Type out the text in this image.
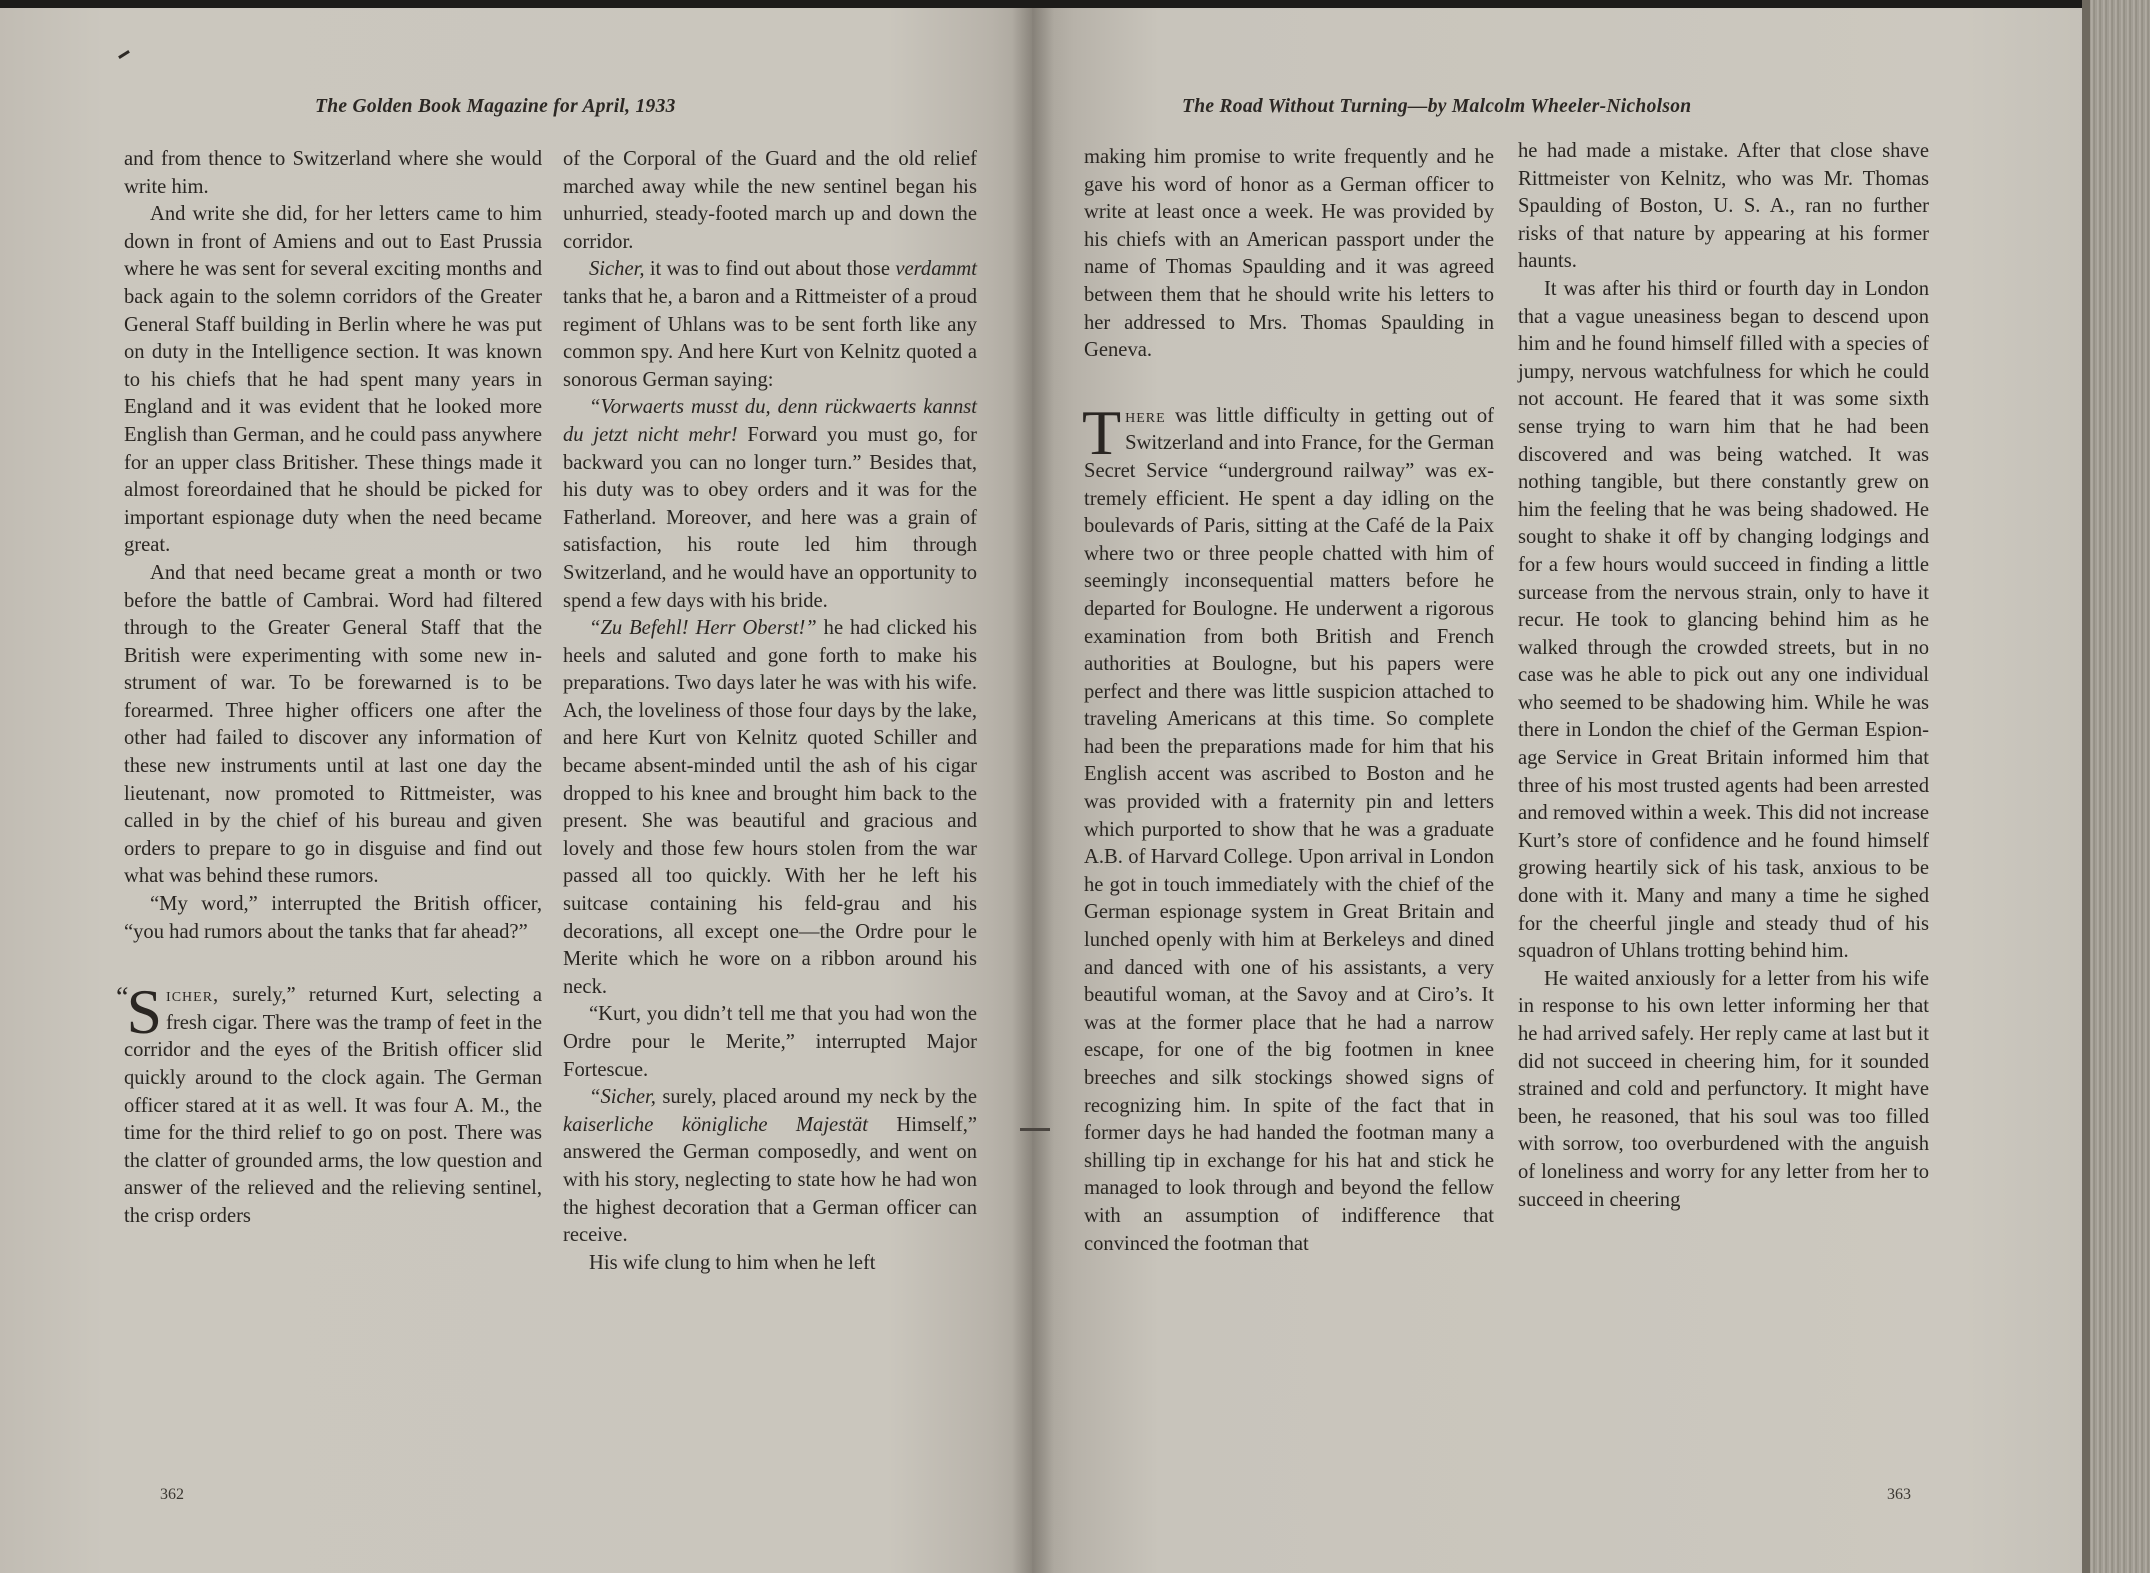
The Golden Book Magazine for April, 1933

and from thence to Switzerland where she would write him.

And write she did, for her letters came to him down in front of Amiens and out to East Prussia where he was sent for several exciting months and back again to the solemn corridors of the Greater General Staff building in Berlin where he was put on duty in the Intelligence section. It was known to his chiefs that he had spent many years in England and it was evident that he looked more English than German, and he could pass anywhere for an upper class Britisher. These things made it almost foreordained that he should be picked for important espionage duty when the need became great.

And that need became great a month or two before the battle of Cambrai. Word had filtered through to the Greater General Staff that the British were experimenting with some new instrument of war. To be forewarned is to be forearmed. Three higher officers one after the other had failed to discover any information of these new instruments until at last one day the lieutenant, now promoted to Rittmeister, was called in by the chief of his bureau and given orders to prepare to go in disguise and find out what was behind these rumors.

“My word,” interrupted the British officer, “you had rumors about the tanks that far ahead?”

“
S icher, surely,” returned Kurt, selecting a fresh cigar. There was the tramp of feet in the corridor and the eyes of the British officer slid quickly around to the clock again. The German officer stared at it as well. It was four A. M., the time for the third relief to go on post. There was the clatter of grounded arms, the low question and answer of the relieved and the relieving sentinel, the crisp orders

of the Corporal of the Guard and the old relief marched away while the new sentinel began his unhurried, steady-footed march up and down the corridor.

Sicher, it was to find out about those verdammt tanks that he, a baron and a Rittmeister of a proud regiment of Uhlans was to be sent forth like any common spy. And here Kurt von Kelnitz quoted a sonorous German saying:

“Vorwaerts musst du, denn rückwaerts kannst du jetzt nicht mehr! Forward you must go, for backward you can no longer turn.” Besides that, his duty was to obey orders and it was for the Fatherland. Moreover, and here was a grain of satisfaction, his route led him through Switzerland, and he would have an opportunity to spend a few days with his bride.

“Zu Befehl! Herr Oberst!” he had clicked his heels and saluted and gone forth to make his preparations. Two days later he was with his wife. Ach, the loveliness of those four days by the lake, and here Kurt von Kelnitz quoted Schiller and became absent-minded until the ash of his cigar dropped to his knee and brought him back to the present. She was beautiful and gracious and lovely and those few hours stolen from the war passed all too quickly. With her he left his suitcase containing his feld-grau and his decorations, all except one—the Ordre pour le Merite which he wore on a ribbon around his neck.

“Kurt, you didn’t tell me that you had won the Ordre pour le Merite,” interrupted Major Fortescue.

“Sicher, surely, placed around my neck by the kaiserliche königliche Majestät Himself,” answered the German composedly, and went on with his story, neglecting to state how he had won the highest decoration that a German officer can receive.

His wife clung to him when he left

362

The Road Without Turning—by Malcolm Wheeler-Nicholson

making him promise to write frequently and he gave his word of honor as a German officer to write at least once a week. He was provided by his chiefs with an American passport under the name of Thomas Spaulding and it was agreed between them that he should write his letters to her addressed to Mrs. Thomas Spaulding in Geneva.

There was little difficulty in getting out of Switzerland and into France, for the German Secret Service “underground railway” was extremely efficient. He spent a day idling on the boulevards of Paris, sitting at the Café de la Paix where two or three people chatted with him of seemingly inconsequential matters before he departed for Boulogne. He underwent a rigorous examination from both British and French authorities at Boulogne, but his papers were perfect and there was little suspicion attached to traveling Americans at this time. So complete had been the preparations made for him that his English accent was ascribed to Boston and he was provided with a fraternity pin and letters which purported to show that he was a graduate A.B. of Harvard College. Upon arrival in London he got in touch immediately with the chief of the German espionage system in Great Britain and lunched openly with him at Berkeleys and dined and danced with one of his assistants, a very beautiful woman, at the Savoy and at Ciro’s. It was at the former place that he had a narrow escape, for one of the big footmen in knee breeches and silk stockings showed signs of recognizing him. In spite of the fact that in former days he had handed the footman many a shilling tip in exchange for his hat and stick he managed to look through and beyond the fellow with an assumption of indifference that convinced the footman that

he had made a mistake. After that close shave Rittmeister von Kelnitz, who was Mr. Thomas Spaulding of Boston, U. S. A., ran no further risks of that nature by appearing at his former haunts.

It was after his third or fourth day in London that a vague uneasiness began to descend upon him and he found himself filled with a species of jumpy, nervous watchfulness for which he could not account. He feared that it was some sixth sense trying to warn him that he had been discovered and was being watched. It was nothing tangible, but there constantly grew on him the feeling that he was being shadowed. He sought to shake it off by changing lodgings and for a few hours would succeed in finding a little surcease from the nervous strain, only to have it recur. He took to glancing behind him as he walked through the crowded streets, but in no case was he able to pick out any one individual who seemed to be shadowing him. While he was there in London the chief of the German Espionage Service in Great Britain informed him that three of his most trusted agents had been arrested and removed within a week. This did not increase Kurt’s store of confidence and he found himself growing heartily sick of his task, anxious to be done with it. Many and many a time he sighed for the cheerful jingle and steady thud of his squadron of Uhlans trotting behind him.

He waited anxiously for a letter from his wife in response to his own letter informing her that he had arrived safely. Her reply came at last but it did not succeed in cheering him, for it sounded strained and cold and perfunctory. It might have been, he reasoned, that his soul was too filled with sorrow, too overburdened with the anguish of loneliness and worry for any letter from her to succeed in cheering

363
